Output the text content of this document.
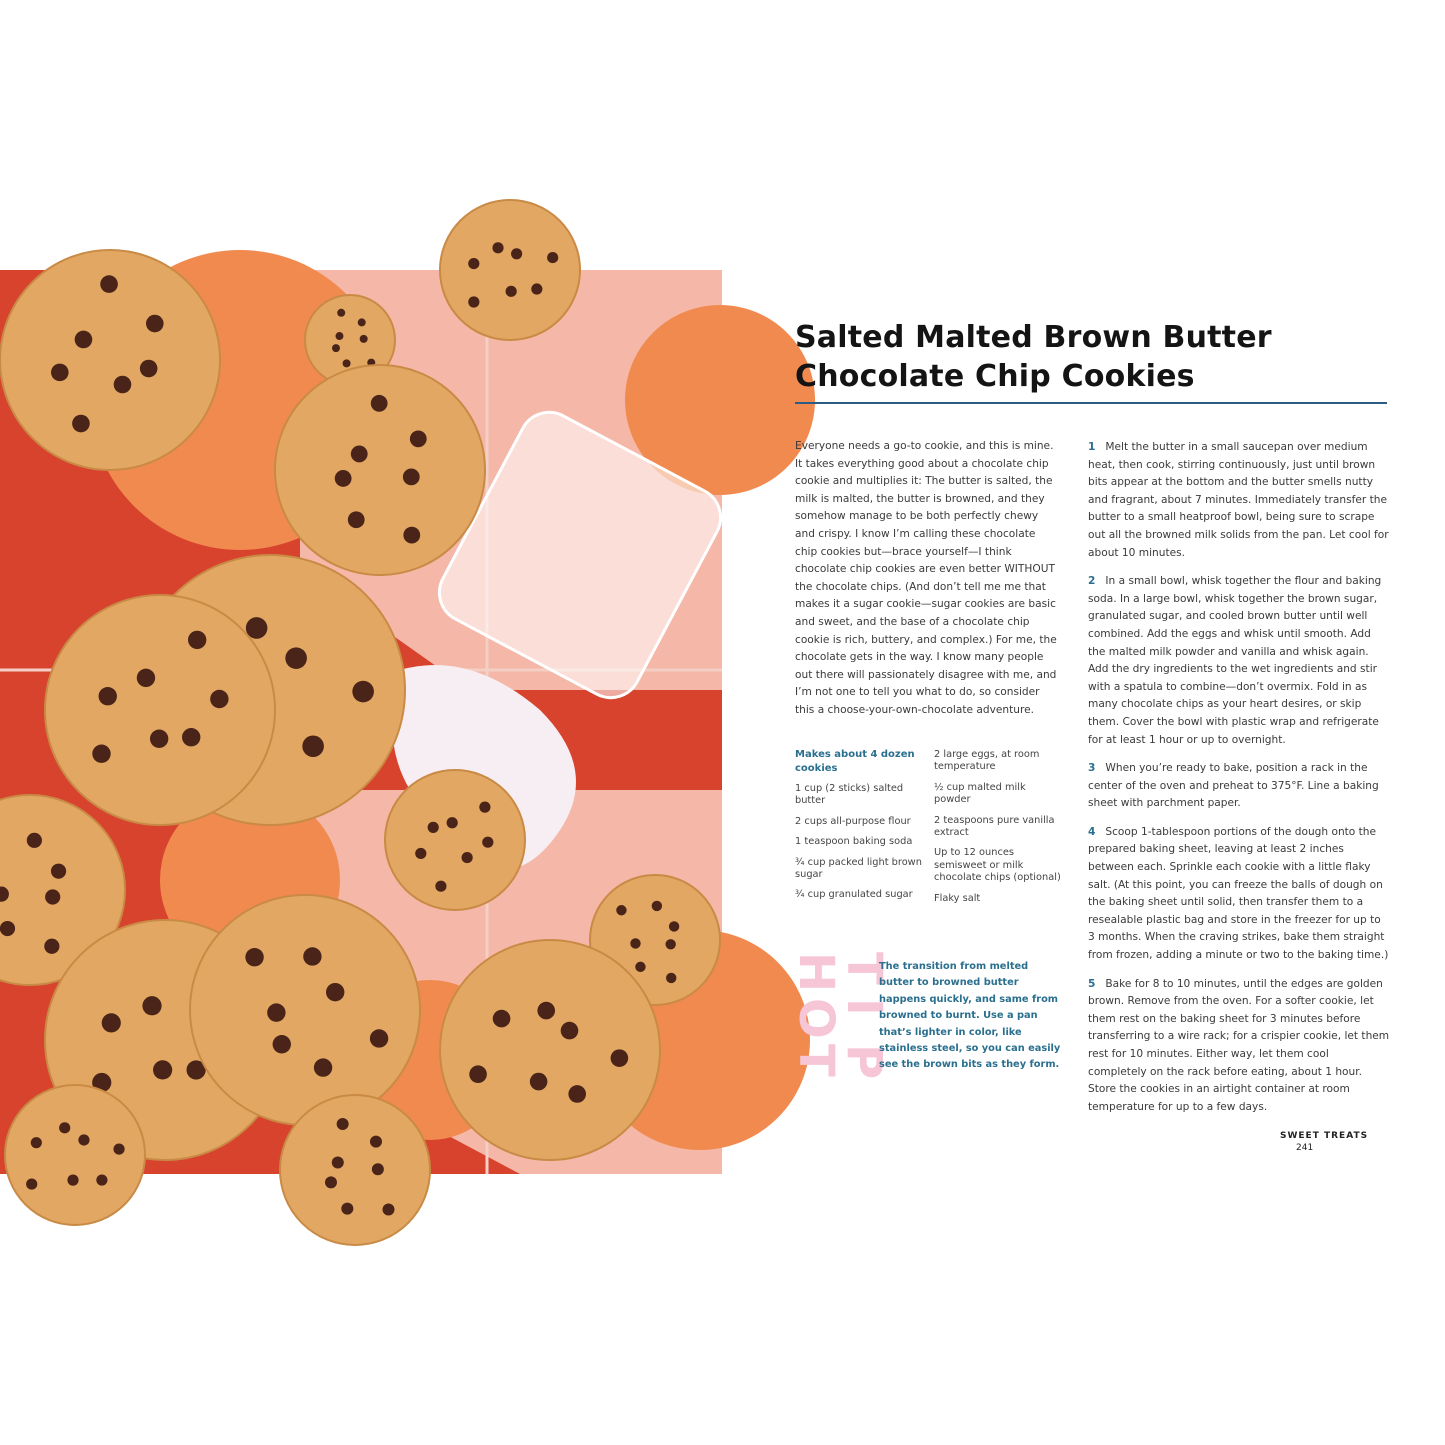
Salted Malted Brown Butter
Chocolate Chip Cookies

Everyone needs a go-to cookie, and this is mine. It takes everything good about a chocolate chip cookie and multiplies it: The butter is salted, the milk is malted, the butter is browned, and they somehow manage to be both perfectly chewy and crispy. I know I’m calling these chocolate chip cookies but—brace yourself—I think chocolate chip cookies are even better WITHOUT the chocolate chips. (And don’t tell me me that makes it a sugar cookie—sugar cookies are basic and sweet, and the base of a chocolate chip cookie is rich, buttery, and complex.) For me, the chocolate gets in the way. I know many people out there will passionately disagree with me, and I’m not one to tell you what to do, so consider this a choose-your-own-chocolate adventure.

Makes about 4 dozen cookies

1 cup (2 sticks) salted butter
2 cups all-purpose flour
1 teaspoon baking soda
¾ cup packed light brown sugar
¾ cup granulated sugar
2 large eggs, at room temperature
½ cup malted milk powder
2 teaspoons pure vanilla extract
Up to 12 ounces semisweet or milk chocolate chips (optional)
Flaky salt
H
O
T
T
I
P

The transition from melted butter to browned butter happens quickly, and same from browned to burnt. Use a pan that’s lighter in color, like stainless steel, so you can easily see the brown bits as they form.

1 Melt the butter in a small saucepan over medium heat, then cook, stirring continuously, just until brown bits appear at the bottom and the butter smells nutty and fragrant, about 7 minutes. Immediately transfer the butter to a small heatproof bowl, being sure to scrape out all the browned milk solids from the pan. Let cool for about 10 minutes.
2 In a small bowl, whisk together the flour and baking soda. In a large bowl, whisk together the brown sugar, granulated sugar, and cooled brown butter until well combined. Add the eggs and whisk until smooth. Add the malted milk powder and vanilla and whisk again. Add the dry ingredients to the wet ingredients and stir with a spatula to combine—don’t overmix. Fold in as many chocolate chips as your heart desires, or skip them. Cover the bowl with plastic wrap and refrigerate for at least 1 hour or up to overnight.
3 When you’re ready to bake, position a rack in the center of the oven and preheat to 375°F. Line a baking sheet with parchment paper.
4 Scoop 1-tablespoon portions of the dough onto the prepared baking sheet, leaving at least 2 inches between each. Sprinkle each cookie with a little flaky salt. (At this point, you can freeze the balls of dough on the baking sheet until solid, then transfer them to a resealable plastic bag and store in the freezer for up to 3 months. When the craving strikes, bake them straight from frozen, adding a minute or two to the baking time.)
5 Bake for 8 to 10 minutes, until the edges are golden brown. Remove from the oven. For a softer cookie, let them rest on the baking sheet for 3 minutes before transferring to a wire rack; for a crispier cookie, let them rest for 10 minutes. Either way, let them cool completely on the rack before eating, about 1 hour. Store the cookies in an airtight container at room temperature for up to a few days.
SWEET TREATS 241
